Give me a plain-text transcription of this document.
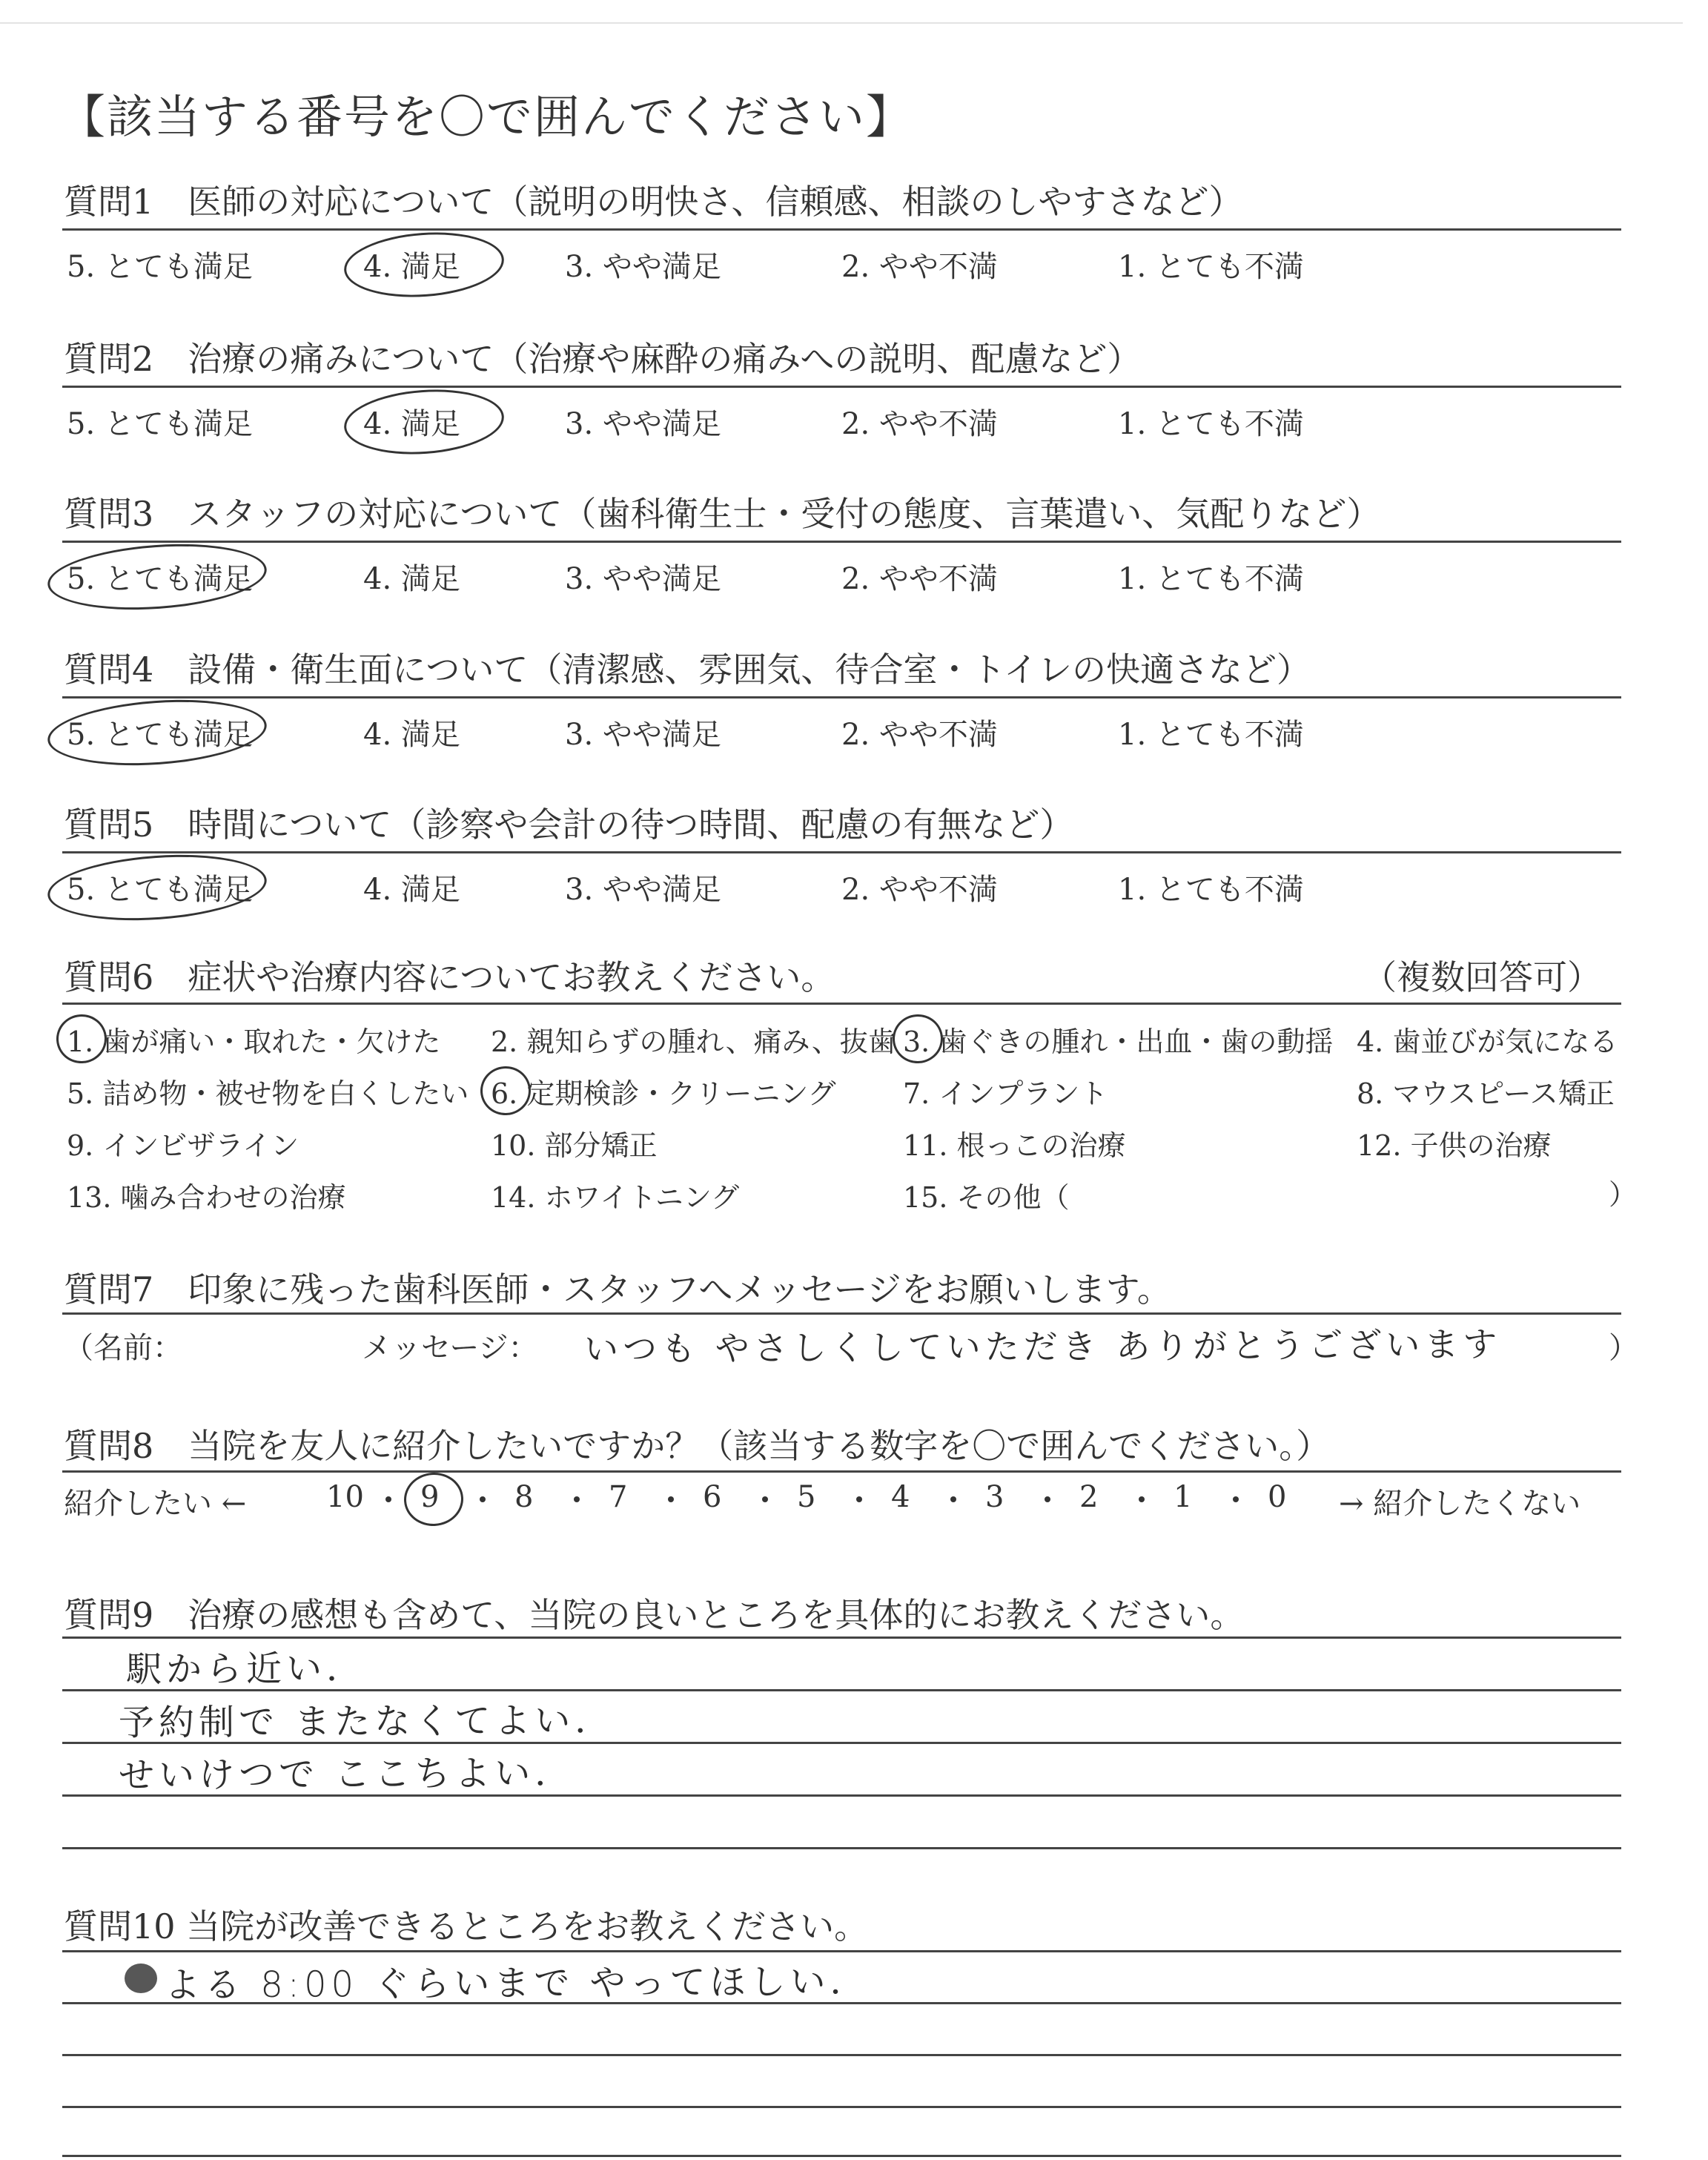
【該当する番号を〇で囲んでください】
質問1　医師の対応について（説明の明快さ、信頼感、相談のしやすさなど）
5. とても満足	4. 満足	3. やや満足	2. やや不満	1. とても不満
質問2　治療の痛みについて（治療や麻酔の痛みへの説明、配慮など）
5. とても満足	4. 満足	3. やや満足	2. やや不満	1. とても不満
質問3　スタッフの対応について（歯科衛生士・受付の態度、言葉遣い、気配りなど）
5. とても満足	4. 満足	3. やや満足	2. やや不満	1. とても不満
質問4　設備・衛生面について（清潔感、雰囲気、待合室・トイレの快適さなど）
5. とても満足	4. 満足	3. やや満足	2. やや不満	1. とても不満
質問5　時間について（診察や会計の待つ時間、配慮の有無など）
5. とても満足	4. 満足	3. やや満足	2. やや不満	1. とても不満
質問6　症状や治療内容についてお教えください。	（複数回答可）
1. 歯が痛い・取れた・欠けた 2. 親知らずの腫れ、痛み、抜歯 3. 歯ぐきの腫れ・出血・歯の動揺 4. 歯並びが気になる
5. 詰め物・被せ物を白くしたい 6. 定期検診・クリーニング 7. インプラント	8. マウスピース矯正
9. インビザライン	10. 部分矯正	11. 根っこの治療	12. 子供の治療
13. 噛み合わせの治療	14. ホワイトニング	15. その他（	）
質問7　印象に残った歯科医師・スタッフへメッセージをお願いします。
（名前：	メッセージ： いつも やさしくしていただき ありがとうございます	）
質問8　当院を友人に紹介したいですか？（該当する数字を〇で囲んでください。）
紹介したい ←	10 9	8	7	6	5	4	3	2	1	0 → 紹介したくない
質問9　治療の感想も含めて、当院の良いところを具体的にお教えください。
駅から近い．
予約制で またなくてよい．
せいけつで ここちよい．
質問10 当院が改善できるところをお教えください。
よる 8:00 ぐらいまで やってほしい．
